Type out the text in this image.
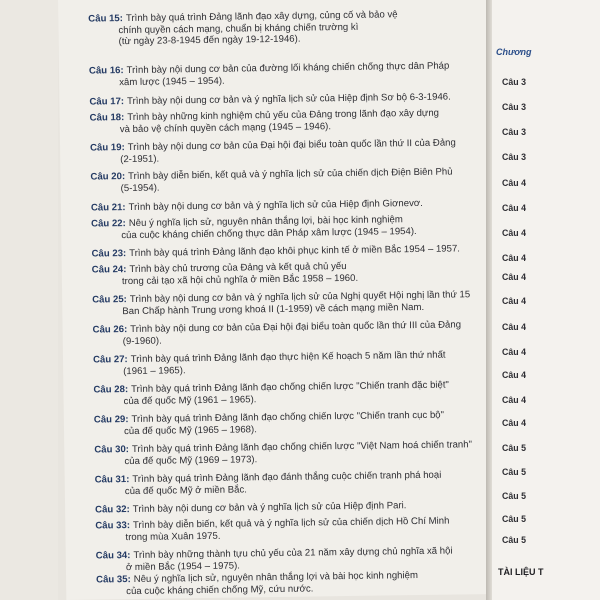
Câu 15: Trình bày quá trình Đảng lãnh đạo xây dựng, củng cố và bảo vệ
chính quyền cách mạng, chuẩn bị kháng chiến trường kì
(từ ngày 23-8-1945 đến ngày 19-12-1946).
Câu 16: Trình bày nội dung cơ bản của đường lối kháng chiến chống thực dân Pháp
xâm lược (1945 – 1954).
Câu 17: Trình bày nội dung cơ bản và ý nghĩa lịch sử của Hiệp định Sơ bộ 6-3-1946.
Câu 18: Trình bày những kinh nghiệm chủ yếu của Đảng trong lãnh đạo xây dựng
và bảo vệ chính quyền cách mạng (1945 – 1946).
Câu 19: Trình bày nội dung cơ bản của Đại hội đại biểu toàn quốc lần thứ II của Đảng
(2-1951).
Câu 20: Trình bày diễn biến, kết quả và ý nghĩa lịch sử của chiến dịch Điện Biên Phủ
(5-1954).
Câu 21: Trình bày nội dung cơ bản và ý nghĩa lịch sử của Hiệp định Giơnevơ.
Câu 22: Nêu ý nghĩa lịch sử, nguyên nhân thắng lợi, bài học kinh nghiệm
của cuộc kháng chiến chống thực dân Pháp xâm lược (1945 – 1954).
Câu 23: Trình bày quá trình Đảng lãnh đạo khôi phục kinh tế ở miền Bắc 1954 – 1957.
Câu 24: Trình bày chủ trương của Đảng và kết quả chủ yếu
trong cải tạo xã hội chủ nghĩa ở miền Bắc 1958 – 1960.
Câu 25: Trình bày nội dung cơ bản và ý nghĩa lịch sử của Nghị quyết Hội nghị lần thứ 15
Ban Chấp hành Trung ương khoá II (1-1959) về cách mạng miền Nam.
Câu 26: Trình bày nội dung cơ bản của Đại hội đại biểu toàn quốc lần thứ III của Đảng
(9-1960).
Câu 27: Trình bày quá trình Đảng lãnh đạo thực hiện Kế hoạch 5 năm lần thứ nhất
(1961 – 1965).
Câu 28: Trình bày quá trình Đảng lãnh đạo chống chiến lược "Chiến tranh đặc biệt"
của đế quốc Mỹ (1961 – 1965).
Câu 29: Trình bày quá trình Đảng lãnh đạo chống chiến lược "Chiến tranh cục bộ"
của đế quốc Mỹ (1965 – 1968).
Câu 30: Trình bày quá trình Đảng lãnh đạo chống chiến lược "Việt Nam hoá chiến tranh"
của đế quốc Mỹ (1969 – 1973).
Câu 31: Trình bày quá trình Đảng lãnh đạo đánh thắng cuộc chiến tranh phá hoại
của đế quốc Mỹ ở miền Bắc.
Câu 32: Trình bày nội dung cơ bản và ý nghĩa lịch sử của Hiệp định Pari.
Câu 33: Trình bày diễn biến, kết quả và ý nghĩa lịch sử của chiến dịch Hồ Chí Minh
trong mùa Xuân 1975.
Câu 34: Trình bày những thành tựu chủ yếu của 21 năm xây dựng chủ nghĩa xã hội
ở miền Bắc (1954 – 1975).
Câu 35: Nêu ý nghĩa lịch sử, nguyên nhân thắng lợi và bài học kinh nghiệm
của cuộc kháng chiến chống Mỹ, cứu nước.
Chương
Câu 3
Câu 3
Câu 3
Câu 3
Câu 4
Câu 4
Câu 4
Câu 4
Câu 4
Câu 4
Câu 4
Câu 4
Câu 4
Câu 4
Câu 4
Câu 5
Câu 5
Câu 5
Câu 5
Câu 5
TÀI LIỆU T
